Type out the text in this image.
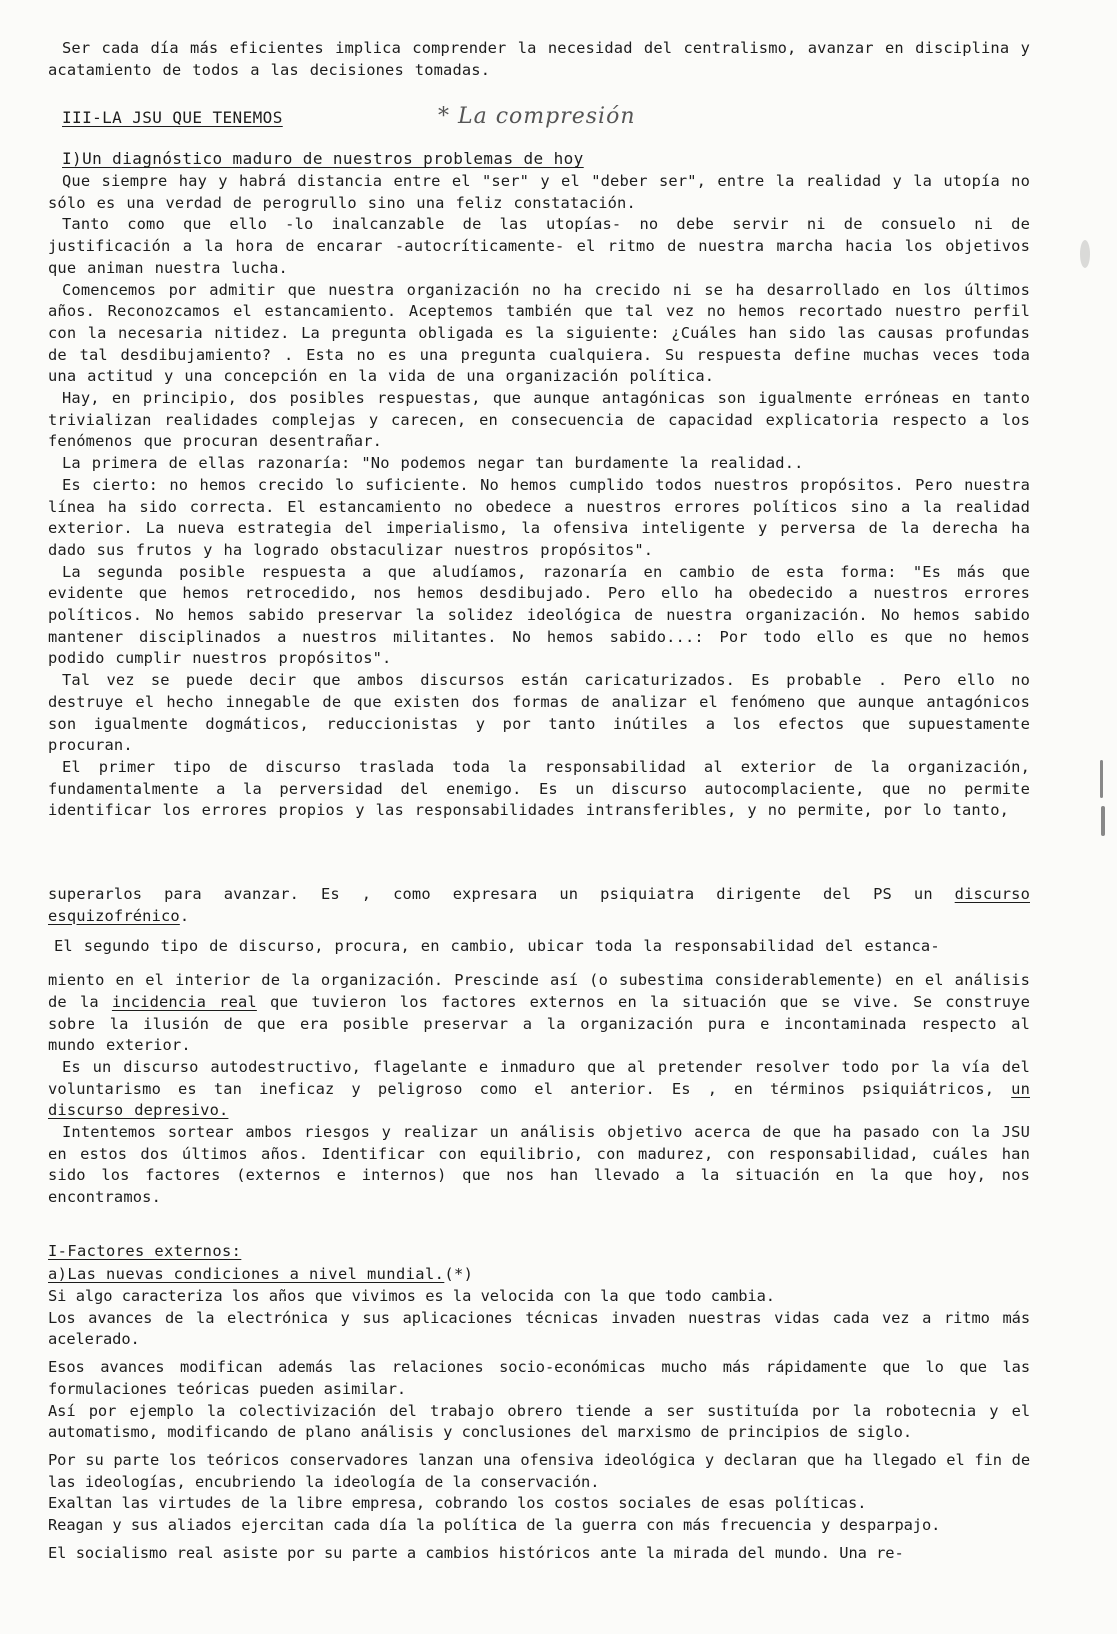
Ser cada día más eficientes implica comprender la necesidad del centralismo, avanzar en disciplina y acatamiento de todos a las decisiones tomadas.

III-LA JSU QUE TENEMOS	* La compresión
I)Un diagnóstico maduro de nuestros problemas de hoy

Que siempre hay y habrá distancia entre el "ser" y el "deber ser", entre la realidad y la utopía no sólo es una verdad de perogrullo sino una feliz constatación.

Tanto como que ello -lo inalcanzable de las utopías- no debe servir ni de consuelo ni de justificación a la hora de encarar -autocríticamente- el ritmo de nuestra marcha hacia los objetivos que animan nuestra lucha.

Comencemos por admitir que nuestra organización no ha crecido ni se ha desarrollado en los últimos años. Reconozcamos el estancamiento. Aceptemos también que tal vez no hemos recortado nuestro perfil con la necesaria nitidez. La pregunta obligada es la siguiente: ¿Cuáles han sido las causas profundas de tal desdibujamiento? . Esta no es una pregunta cualquiera. Su respuesta define muchas veces toda una actitud y una concepción en la vida de una organización política.

Hay, en principio, dos posibles respuestas, que aunque antagónicas son igualmente erróneas en tanto trivializan realidades complejas y carecen, en consecuencia de capacidad explicatoria respecto a los fenómenos que procuran desentrañar.

La primera de ellas razonaría: "No podemos negar tan burdamente la realidad..

Es cierto: no hemos crecido lo suficiente. No hemos cumplido todos nuestros propósitos. Pero nuestra línea ha sido correcta. El estancamiento no obedece a nuestros errores políticos sino a la realidad exterior. La nueva estrategia del imperialismo, la ofensiva inteligente y perversa de la derecha ha dado sus frutos y ha logrado obstaculizar nuestros propósitos".

La segunda posible respuesta a que aludíamos, razonaría en cambio de esta forma: "Es más que evidente que hemos retrocedido, nos hemos desdibujado. Pero ello ha obedecido a nuestros errores políticos. No hemos sabido preservar la solidez ideológica de nuestra organización. No hemos sabido mantener disciplinados a nuestros militantes. No hemos sabido...: Por todo ello es que no hemos podido cumplir nuestros propósitos".

Tal vez se puede decir que ambos discursos están caricaturizados. Es probable . Pero ello no destruye el hecho innegable de que existen dos formas de analizar el fenómeno que aunque antagónicos son igualmente dogmáticos, reduccionistas y por tanto inútiles a los efectos que supuestamente procuran.

El primer tipo de discurso traslada toda la responsabilidad al exterior de la organización, fundamentalmente a la perversidad del enemigo. Es un discurso autocomplaciente, que no permite identificar los errores propios y las responsabilidades intransferibles, y no permite, por lo tanto,

superarlos para avanzar. Es , como expresara un psiquiatra dirigente del PS un discurso esquizofrénico.

El segundo tipo de discurso, procura, en cambio, ubicar toda la responsabilidad del estanca-

miento en el interior de la organización. Prescinde así (o subestima considerablemente) en el análisis de la incidencia real que tuvieron los factores externos en la situación que se vive. Se construye sobre la ilusión de que era posible preservar a la organización pura e incontaminada respecto al mundo exterior.

Es un discurso autodestructivo, flagelante e inmaduro que al pretender resolver todo por la vía del voluntarismo es tan ineficaz y peligroso como el anterior. Es , en términos psiquiátricos, un discurso depresivo.

Intentemos sortear ambos riesgos y realizar un análisis objetivo acerca de que ha pasado con la JSU en estos dos últimos años. Identificar con equilibrio, con madurez, con responsabilidad, cuáles han sido los factores (externos e internos) que nos han llevado a la situación en la que hoy, nos encontramos.

I-Factores externos:
a)Las nuevas condiciones a nivel mundial.(*)

Si algo caracteriza los años que vivimos es la velocida con la que todo cambia.

Los avances de la electrónica y sus aplicaciones técnicas invaden nuestras vidas cada vez a ritmo más acelerado.

Esos avances modifican además las relaciones socio-económicas mucho más rápidamente que lo que las formulaciones teóricas pueden asimilar.

Así por ejemplo la colectivización del trabajo obrero tiende a ser sustituída por la robotecnia y el automatismo, modificando de plano análisis y conclusiones del marxismo de principios de siglo.

Por su parte los teóricos conservadores lanzan una ofensiva ideológica y declaran que ha llegado el fin de las ideologías, encubriendo la ideología de la conservación.

Exaltan las virtudes de la libre empresa, cobrando los costos sociales de esas políticas.

Reagan y sus aliados ejercitan cada día la política de la guerra con más frecuencia y desparpajo.

El socialismo real asiste por su parte a cambios históricos ante la mirada del mundo. Una re-
